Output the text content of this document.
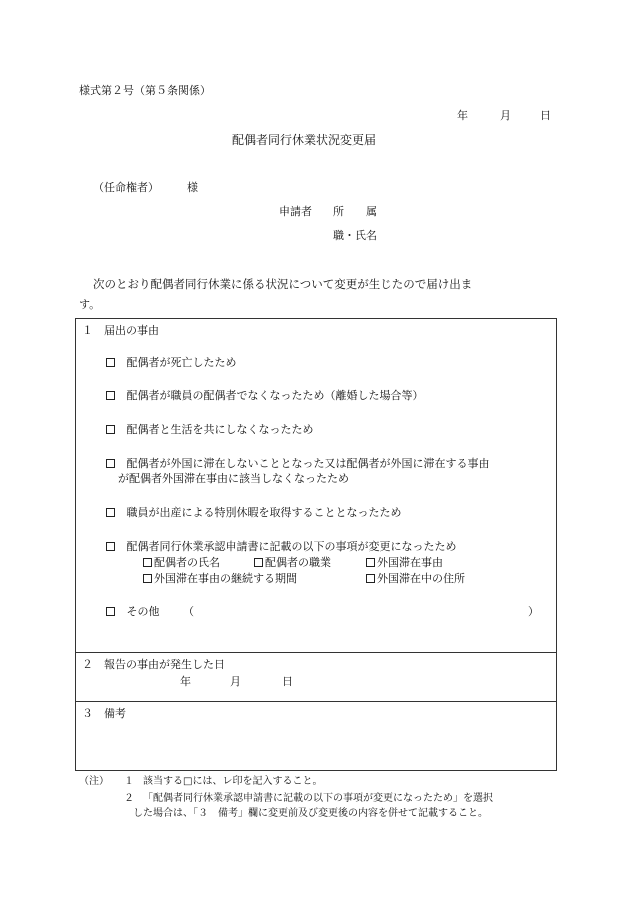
様式第２号（第５条関係）
年	月	日
配偶者同行休業状況変更届
（任命権者）	様
申請者 所　　属
職・氏名
次のとおり配偶者同行休業に係る状況について変更が生じたので届け出ま
す。
１　届出の事由
配偶者が死亡したため
配偶者が職員の配偶者でなくなったため（離婚した場合等）
配偶者と生活を共にしなくなったため
配偶者が外国に滞在しないこととなった又は配偶者が外国に滞在する事由
が配偶者外国滞在事由に該当しなくなったため
職員が出産による特別休暇を取得することとなったため
配偶者同行休業承認申請書に記載の以下の事項が変更になったため
配偶者の氏名	配偶者の職業	外国滞在事由
外国滞在事由の継続する期間	外国滞在中の住所
その他 （	）
２　報告の事由が発生した日
年	月	日
３　備考
（注） １ 該当する□には、レ印を記入すること。
２ 「配偶者同行休業承認申請書に記載の以下の事項が変更になったため」を選択
した場合は、「３　備考」欄に変更前及び変更後の内容を併せて記載すること。
